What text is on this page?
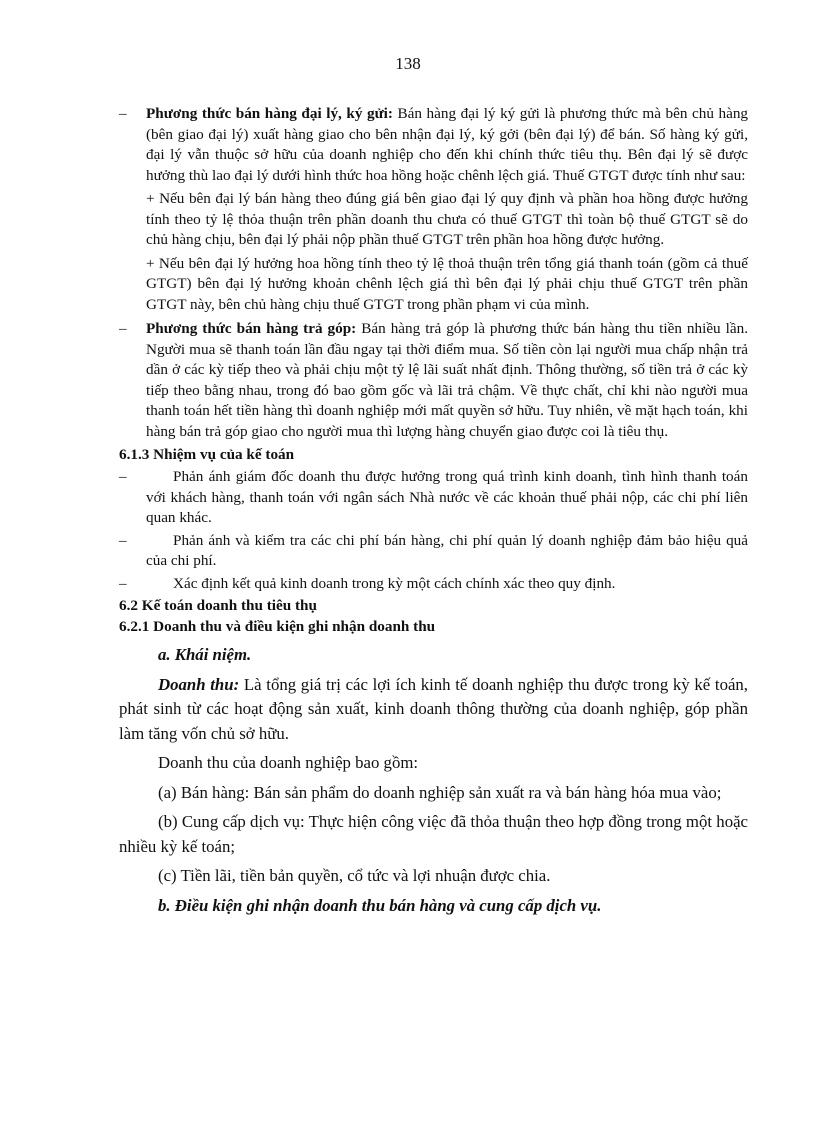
138
– Phương thức bán hàng đại lý, ký gửi: Bán hàng đại lý ký gửi là phương thức mà bên chủ hàng (bên giao đại lý) xuất hàng giao cho bên nhận đại lý, ký gởi (bên đại lý) để bán. Số hàng ký gửi, đại lý vẫn thuộc sở hữu của doanh nghiệp cho đến khi chính thức tiêu thụ. Bên đại lý sẽ được hưởng thù lao đại lý dưới hình thức hoa hồng hoặc chênh lệch giá. Thuế GTGT được tính như sau:

+ Nếu bên đại lý bán hàng theo đúng giá bên giao đại lý quy định và phần hoa hồng được hưởng tính theo tỷ lệ thỏa thuận trên phần doanh thu chưa có thuế GTGT thì toàn bộ thuế GTGT sẽ do chủ hàng chịu, bên đại lý phải nộp phần thuế GTGT trên phần hoa hồng được hưởng.

+ Nếu bên đại lý hưởng hoa hồng tính theo tỷ lệ thoả thuận trên tổng giá thanh toán (gồm cả thuế GTGT) bên đại lý hưởng khoản chênh lệch giá thì bên đại lý phải chịu thuế GTGT trên phần GTGT này, bên chủ hàng chịu thuế GTGT trong phần phạm vi của mình.

– Phương thức bán hàng trả góp: Bán hàng trả góp là phương thức bán hàng thu tiền nhiều lần. Người mua sẽ thanh toán lần đầu ngay tại thời điểm mua. Số tiền còn lại người mua chấp nhận trả dần ở các kỳ tiếp theo và phải chịu một tỷ lệ lãi suất nhất định. Thông thường, số tiền trả ở các kỳ tiếp theo bằng nhau, trong đó bao gồm gốc và lãi trả chậm. Về thực chất, chỉ khi nào người mua thanh toán hết tiền hàng thì doanh nghiệp mới mất quyền sở hữu. Tuy nhiên, về mặt hạch toán, khi hàng bán trả góp giao cho người mua thì lượng hàng chuyển giao được coi là tiêu thụ.

6.1.3 Nhiệm vụ của kế toán
–	Phản ánh giám đốc doanh thu được hưởng trong quá trình kinh doanh, tình hình thanh toán với khách hàng, thanh toán với ngân sách Nhà nước về các khoản thuế phải nộp, các chi phí liên quan khác.
–	Phản ánh và kiểm tra các chi phí bán hàng, chi phí quản lý doanh nghiệp đảm bảo hiệu quả của chi phí.
–	Xác định kết quả kinh doanh trong kỳ một cách chính xác theo quy định.
6.2 Kế toán doanh thu tiêu thụ
6.2.1 Doanh thu và điều kiện ghi nhận doanh thu

a. Khái niệm.

Doanh thu: Là tổng giá trị các lợi ích kinh tế doanh nghiệp thu được trong kỳ kế toán, phát sinh từ các hoạt động sản xuất, kinh doanh thông thường của doanh nghiệp, góp phần làm tăng vốn chủ sở hữu.

Doanh thu của doanh nghiệp bao gồm:

(a) Bán hàng: Bán sản phẩm do doanh nghiệp sản xuất ra và bán hàng hóa mua vào;

(b) Cung cấp dịch vụ: Thực hiện công việc đã thỏa thuận theo hợp đồng trong một hoặc nhiều kỳ kế toán;

(c) Tiền lãi, tiền bản quyền, cổ tức và lợi nhuận được chia.

b. Điều kiện ghi nhận doanh thu bán hàng và cung cấp dịch vụ.
